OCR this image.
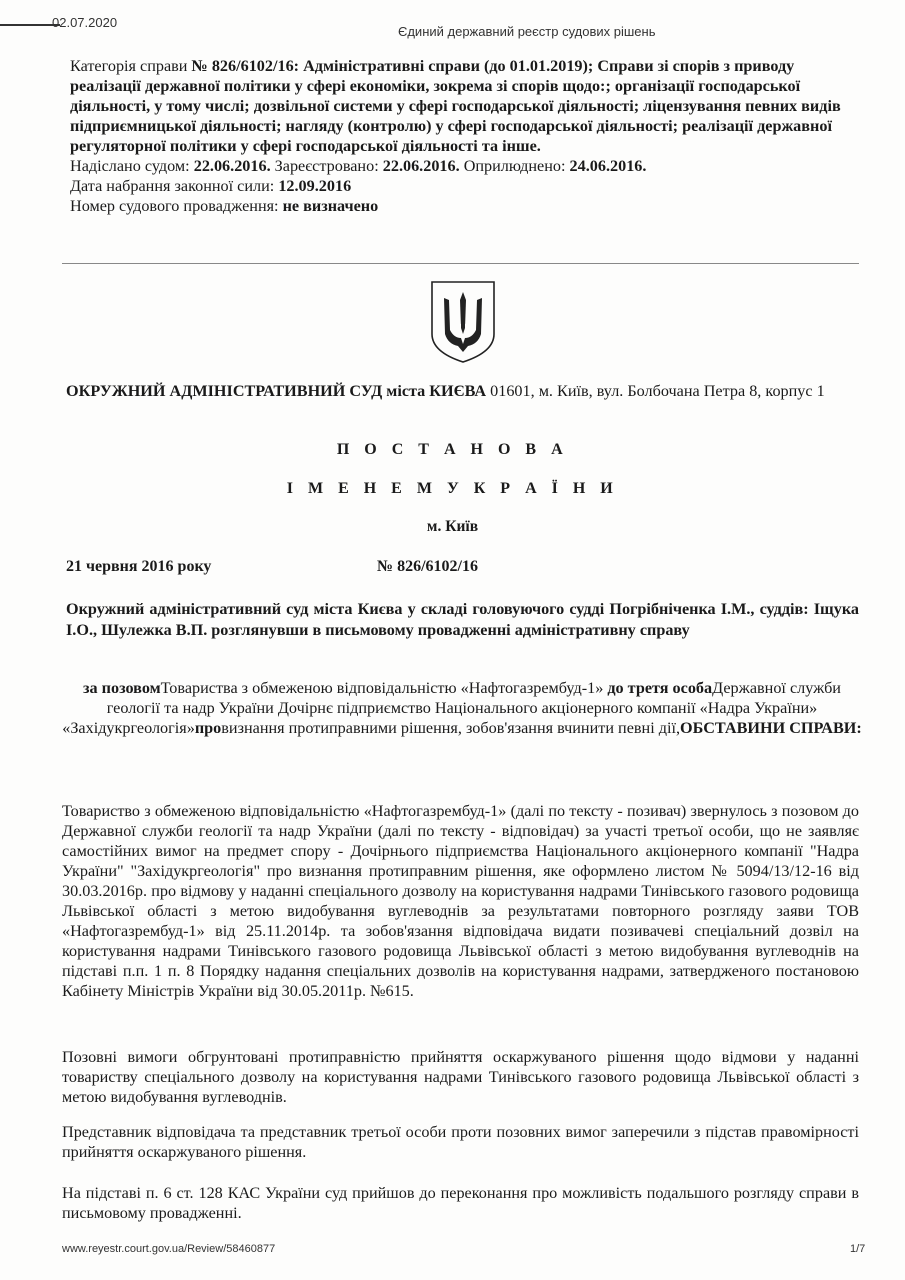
02.07.2020
Єдиний державний реєстр судових рішень

Категорія справи № 826/6102/16: Адміністративні справи (до 01.01.2019); Справи зі спорів з приводу реалізації державної політики у сфері економіки, зокрема зі спорів щодо:; організації господарської діяльності, у тому числі; дозвільної системи у сфері господарської діяльності; ліцензування певних видів підприємницької діяльності; нагляду (контролю) у сфері господарської діяльності; реалізації державної регуляторної політики у сфері господарської діяльності та інше.

Надіслано судом: 22.06.2016. Зареєстровано: 22.06.2016. Оприлюднено: 24.06.2016.

Дата набрання законної сили: 12.09.2016

Номер судового провадження: не визначено

ОКРУЖНИЙ АДМІНІСТРАТИВНИЙ СУД міста КИЄВА 01601, м. Київ, вул. Болбочана Петра 8, корпус 1
П О С Т А Н О В А
І М Е Н Е М У К Р А Ї Н И
м. Київ
21 червня 2016 року	№ 826/6102/16
Окружний адміністративний суд міста Києва у складі головуючого судді Погрібніченка І.М., суддів: Іщука І.О., Шулежка В.П. розглянувши в письмовому провадженні адміністративну справу
за позовомТовариства з обмеженою відповідальністю «Нафтогазрембуд-1» до третя особаДержавної служби геології та надр України Дочірнє підприємство Національного акціонерного компанії «Надра України» «Західукргеологія»провизнання протиправними рішення, зобов'язання вчинити певні дії,ОБСТАВИНИ СПРАВИ:

Товариство з обмеженою відповідальністю «Нафтогазрембуд-1» (далі по тексту - позивач) звернулось з позовом до Державної служби геології та надр України (далі по тексту - відповідач) за участі третьої особи, що не заявляє самостійних вимог на предмет спору - Дочірнього підприємства Національного акціонерного компанії "Надра України" "Західукргеологія" про визнання протиправним рішення, яке оформлено листом № 5094/13/12-16 від 30.03.2016р. про відмову у наданні спеціального дозволу на користування надрами Тинівського газового родовища Львівської області з метою видобування вуглеводнів за результатами повторного розгляду заяви ТОВ «Нафтогазрембуд-1» від 25.11.2014р. та зобов'язання відповідача видати позивачеві спеціальний дозвіл на користування надрами Тинівського газового родовища Львівської області з метою видобування вуглеводнів на підставі п.п. 1 п. 8 Порядку надання спеціальних дозволів на користування надрами, затвердженого постановою Кабінету Міністрів України від 30.05.2011р. №615.

Позовні вимоги обгрунтовані протиправністю прийняття оскаржуваного рішення щодо відмови у наданні товариству спеціального дозволу на користування надрами Тинівського газового родовища Львівської області з метою видобування вуглеводнів.

Представник відповідача та представник третьої особи проти позовних вимог заперечили з підстав правомірності прийняття оскаржуваного рішення.

На підставі п. 6 ст. 128 КАС України суд прийшов до переконання про можливість подальшого розгляду справи в письмовому провадженні.

www.reyestr.court.gov.ua/Review/58460877	1/7
